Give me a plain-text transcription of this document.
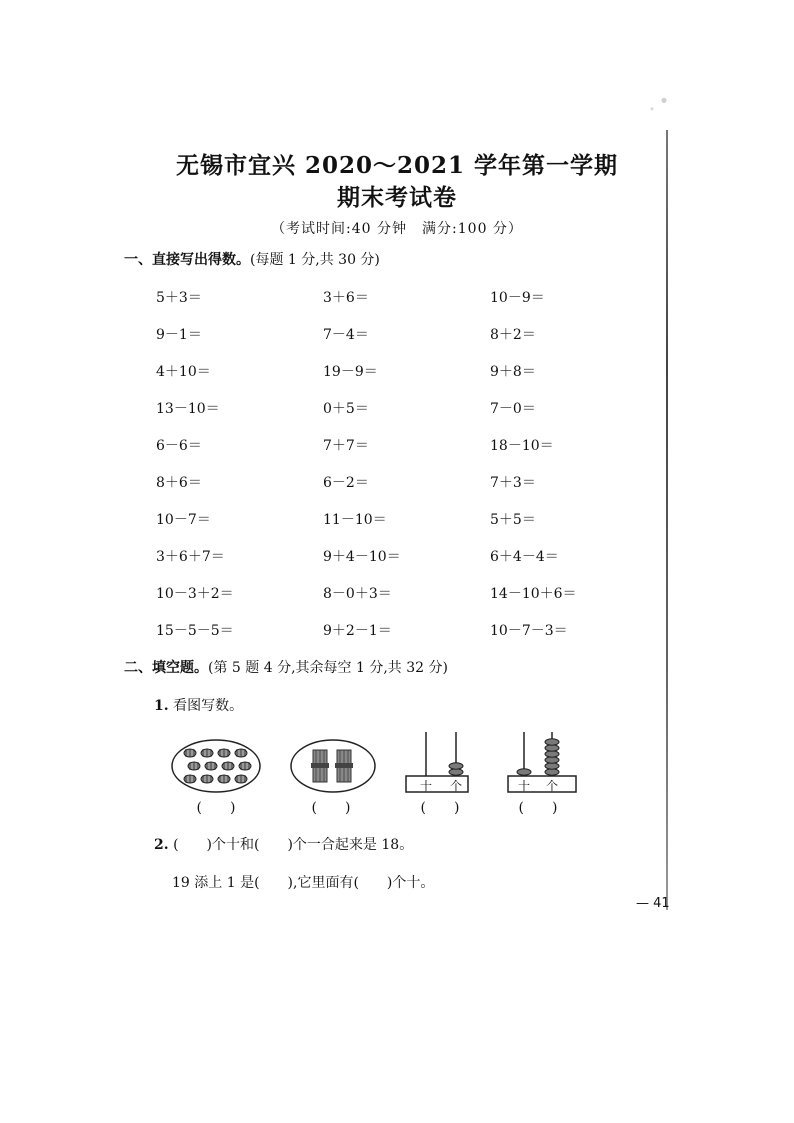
无锡市宜兴 2020～2021 学年第一学期
期末考试卷
（考试时间:40 分钟　满分:100 分）
一、直接写出得数。(每题 1 分,共 30 分)
5＋3＝	3＋6＝	10－9＝
9－1＝	7－4＝	8＋2＝
4＋10＝	19－9＝	9＋8＝
13－10＝	0＋5＝	7－0＝
6－6＝	7＋7＝	18－10＝
8＋6＝	6－2＝	7＋3＝
10－7＝	11－10＝	5＋5＝
3＋6＋7＝	9＋4－10＝	6＋4－4＝
10－3＋2＝	8－0＋3＝	14－10＋6＝
15－5－5＝	9＋2－1＝	10－7－3＝
二、填空题。(第 5 题 4 分,其余每空 1 分,共 32 分)
1. 看图写数。
(　　)	(　　)
十 个
(　　)
十 个
(　　)
2. (　　)个十和(　　)个一合起来是 18。
19 添上 1 是(　　),它里面有(　　)个十。
— 41
